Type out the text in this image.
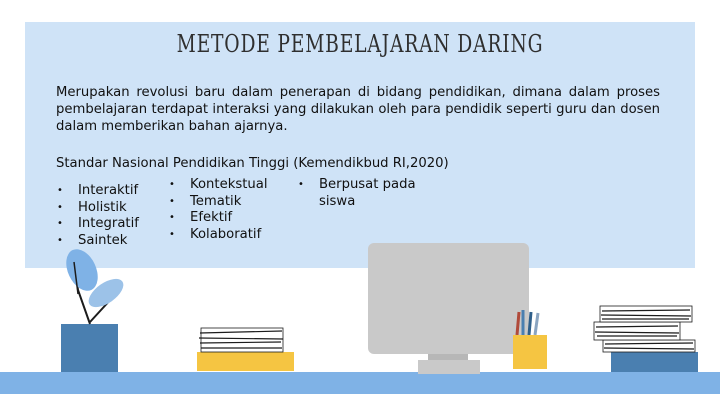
METODE PEMBELAJARAN DARING
Merupakan revolusi baru dalam penerapan di bidang pendidikan, dimana dalam proses pembelajaran terdapat interaksi yang dilakukan oleh para pendidik seperti guru dan dosen dalam memberikan bahan ajarnya.
Standar Nasional Pendidikan Tinggi (Kemendikbud RI,2020)
• Interaktif
• Holistik
• Integratif
• Saintek
• Kontekstual
• Tematik
• Efektif
• Kolaboratif
• Berpusat pada
siswa
